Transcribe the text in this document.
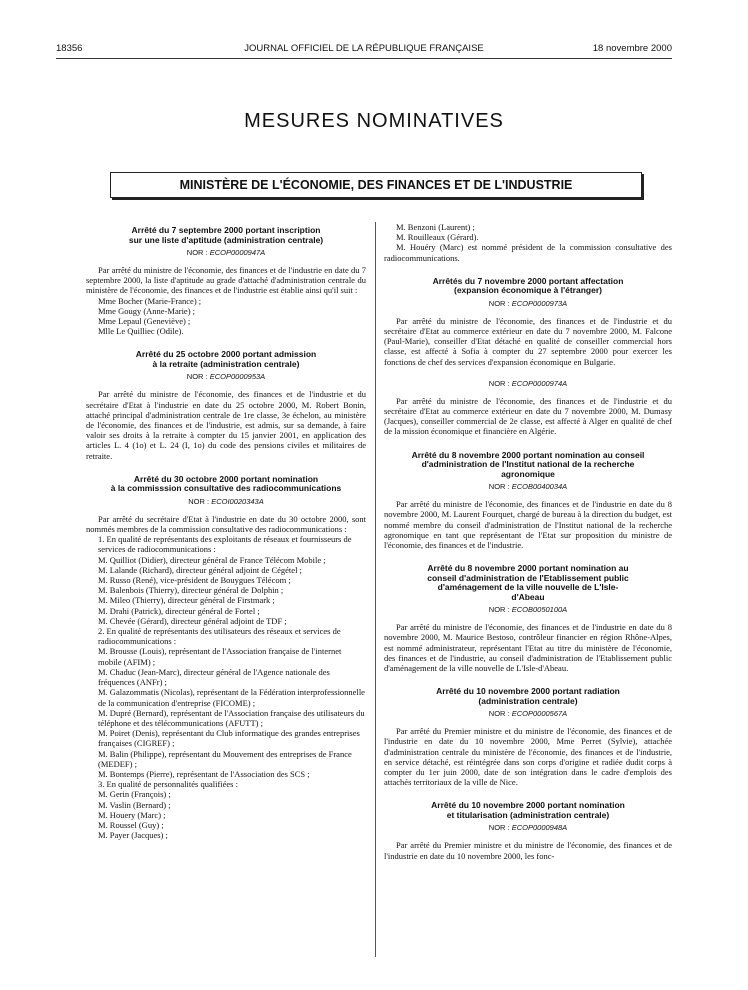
18356	JOURNAL OFFICIEL DE LA RÉPUBLIQUE FRANÇAISE	18 novembre 2000
MESURES NOMINATIVES
MINISTÈRE DE L'ÉCONOMIE, DES FINANCES ET DE L'INDUSTRIE

Arrêté du 7 septembre 2000 portant inscription
sur une liste d'aptitude (administration centrale)

NOR : ECOP0000947A

Par arrêté du ministre de l'économie, des finances et de l'industrie en date du 7 septembre 2000, la liste d'aptitude au grade d'attaché d'administration centrale du ministère de l'économie, des finances et de l'industrie est établie ainsi qu'il suit :

Mme Bocher (Marie-France) ;
Mme Gougy (Anne-Marie) ;
Mme Lepaul (Geneviève) ;
Mlle Le Quilliec (Odile).

Arrêté du 25 octobre 2000 portant admission
à la retraite (administration centrale)

NOR : ECOP0000953A

Par arrêté du ministre de l'économie, des finances et de l'industrie et du secrétaire d'Etat à l'industrie en date du 25 octobre 2000, M. Robert Bonin, attaché principal d'administration centrale de 1re classe, 3e échelon, au ministère de l'économie, des finances et de l'industrie, est admis, sur sa demande, à faire valoir ses droits à la retraite à compter du 15 janvier 2001, en application des articles L. 4 (1o) et L. 24 (I, 1o) du code des pensions civiles et militaires de retraite.

Arrêté du 30 octobre 2000 portant nomination
à la commisssion consultative des radiocommunications

NOR : ECOI0020343A

Par arrêté du secrétaire d'Etat à l'industrie en date du 30 octobre 2000, sont nommés membres de la commission consultative des radiocommunications :

1. En qualité de représentants des exploitants de réseaux et fournisseurs de services de radiocommunications :
M. Quilliot (Didier), directeur général de France Télécom Mobile ;
M. Lalande (Richard), directeur général adjoint de Cégétel ;
M. Russo (René), vice-président de Bouygues Télécom ;
M. Balenbois (Thierry), directeur général de Dolphin ;
M. Mileo (Thierry), directeur général de Firstmark ;
M. Drahi (Patrick), directeur général de Fortel ;
M. Chevée (Gérard), directeur général adjoint de TDF ;
2. En qualité de représentants des utilisateurs des réseaux et services de radiocommunications :
M. Brousse (Louis), représentant de l'Association française de l'internet mobile (AFIM) ;
M. Chaduc (Jean-Marc), directeur général de l'Agence nationale des fréquences (ANFr) ;
M. Galazommatis (Nicolas), représentant de la Fédération interprofessionnelle de la communication d'entreprise (FICOME) ;
M. Dupré (Bernard), représentant de l'Association française des utilisateurs du téléphone et des télécommunications (AFUTT) ;
M. Poiret (Denis), représentant du Club informatique des grandes entreprises françaises (CIGREF) ;
M. Balin (Philippe), représentant du Mouvement des entreprises de France (MEDEF) ;
M. Bontemps (Pierre), représentant de l'Association des SCS ;
3. En qualité de personnalités qualifiées :
M. Gerin (François) ;
M. Vaslin (Bernard) ;
M. Houery (Marc) ;
M. Roussel (Guy) ;
M. Payer (Jacques) ;
M. Benzoni (Laurent) ;
M. Rouilleaux (Gérard).

M. Houéry (Marc) est nommé président de la commission consultative des radiocommunications.

Arrêtés du 7 novembre 2000 portant affectation
(expansion économique à l'étranger)

NOR : ECOP0000973A

Par arrêté du ministre de l'économie, des finances et de l'industrie et du secrétaire d'Etat au commerce extérieur en date du 7 novembre 2000, M. Falcone (Paul-Marie), conseiller d'Etat détaché en qualité de conseiller commercial hors classe, est affecté à Sofia à compter du 27 septembre 2000 pour exercer les fonctions de chef des services d'expansion économique en Bulgarie.

NOR : ECOP0000974A

Par arrêté du ministre de l'économie, des finances et de l'industrie et du secrétaire d'Etat au commerce extérieur en date du 7 novembre 2000, M. Dumasy (Jacques), conseiller commercial de 2e classe, est affecté à Alger en qualité de chef de la mission économique et financière en Algérie.

Arrêté du 8 novembre 2000 portant nomination au conseil
d'administration de l'Institut national de la recherche
agronomique

NOR : ECOB0040034A

Par arrêté du ministre de l'économie, des finances et de l'industrie en date du 8 novembre 2000, M. Laurent Fourquet, chargé de bureau à la direction du budget, est nommé membre du conseil d'administration de l'Institut national de la recherche agronomique en tant que représentant de l'Etat sur proposition du ministre de l'économie, des finances et de l'industrie.

Arrêté du 8 novembre 2000 portant nomination au
conseil d'administration de l'Etablissement public
d'aménagement de la ville nouvelle de L'Isle-
d'Abeau

NOR : ECOB0050100A

Par arrêté du ministre de l'économie, des finances et de l'industrie en date du 8 novembre 2000, M. Maurice Bestoso, contrôleur financier en région Rhône-Alpes, est nommé administrateur, représentant l'Etat au titre du ministère de l'économie, des finances et de l'industrie, au conseil d'administration de l'Etablissement public d'aménagement de la ville nouvelle de L'Isle-d'Abeau.

Arrêté du 10 novembre 2000 portant radiation
(administration centrale)

NOR : ECOP0000567A

Par arrêté du Premier ministre et du ministre de l'économie, des finances et de l'industrie en date du 10 novembre 2000, Mme Perret (Sylvie), attachée d'administration centrale du ministère de l'économie, des finances et de l'industrie, en service détaché, est réintégrée dans son corps d'origine et radiée dudit corps à compter du 1er juin 2000, date de son intégration dans le cadre d'emplois des attachés territoriaux de la ville de Nice.

Arrêté du 10 novembre 2000 portant nomination
et titularisation (administration centrale)

NOR : ECOP0000948A

Par arrêté du Premier ministre et du ministre de l'économie, des finances et de l'industrie en date du 10 novembre 2000, les fonc-
